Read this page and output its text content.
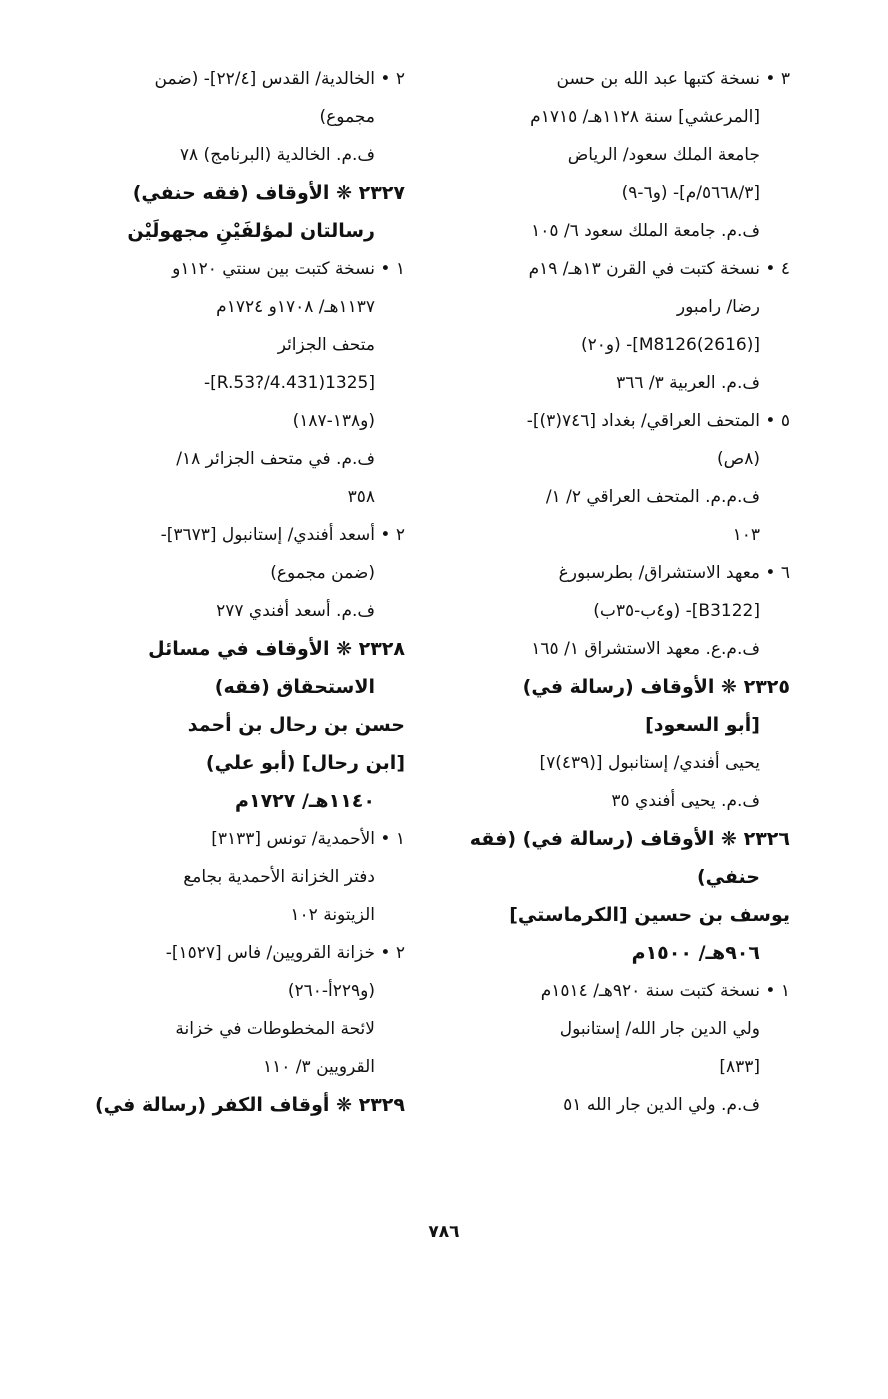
٣ • نسخة كتبها عبد الله بن حسن
[المرعشي] سنة ١١٢٨هـ/ ١٧١٥م
جامعة الملك سعود/ الرياض
[٥٦٦٨/٣/م]- (و٦-٩)
ف.م. جامعة الملك سعود ٦/ ١٠٥
٤ • نسخة كتبت في القرن ١٣هـ/ ١٩م
رضا/ رامبور
[M8126(2616)]- (و٢٠)
ف.م. العربية ٣/ ٣٦٦
٥ • المتحف العراقي/ بغداد [٧٤٦(٣)]-
(٨ص)
ف.م.م. المتحف العراقي ٢/ ١/
١٠٣
٦ • معهد الاستشراق/ بطرسبورغ
[B3122]- (و٤ب-٣٥ب)
ف.م.ع. معهد الاستشراق ١/ ١٦٥
٢٣٢٥ ❋ الأوقاف (رسالة في)
[أبو السعود]
يحيى أفندي/ إستانبول [(٤٣٩)٧]
ف.م. يحيى أفندي ٣٥
٢٣٢٦ ❋ الأوقاف (رسالة في) (فقه
حنفي)
يوسف بن حسين [الكرماستي]
٩٠٦هـ/ ١٥٠٠م
١ • نسخة كتبت سنة ٩٢٠هـ/ ١٥١٤م
ولي الدين جار الله/ إستانبول
[٨٣٣]
ف.م. ولي الدين جار الله ٥١
٢ • الخالدية/ القدس [٢٢/٤]- (ضمن
مجموع)
ف.م. الخالدية (البرنامج) ٧٨
٢٣٢٧ ❋ الأوقاف (فقه حنفي)
رسالتان لمؤلفَيْنِ مجهولَيْن
١ • نسخة كتبت بين سنتي ١١٢٠و
١١٣٧هـ/ ١٧٠٨و ١٧٢٤م
متحف الجزائر
[1325(431.R.53?/4]-
(و١٣٨-١٨٧)
ف.م. في متحف الجزائر ١٨/
٣٥٨
٢ • أسعد أفندي/ إستانبول [٣٦٧٣]-
(ضمن مجموع)
ف.م. أسعد أفندي ٢٧٧
٢٣٢٨ ❋ الأوقاف في مسائل
الاستحقاق (فقه)
حسن بن رحال بن أحمد
[ابن رحال] (أبو علي)
١١٤٠هـ/ ١٧٢٧م
١ • الأحمدية/ تونس [٣١٣٣]
دفتر الخزانة الأحمدية بجامع
الزيتونة ١٠٢
٢ • خزانة القرويين/ فاس [١٥٢٧]-
(و٢٢٩أ-٢٦٠)
لائحة المخطوطات في خزانة
القرويين ٣/ ١١٠
٢٣٢٩ ❋ أوقاف الكفر (رسالة في)
٧٨٦
